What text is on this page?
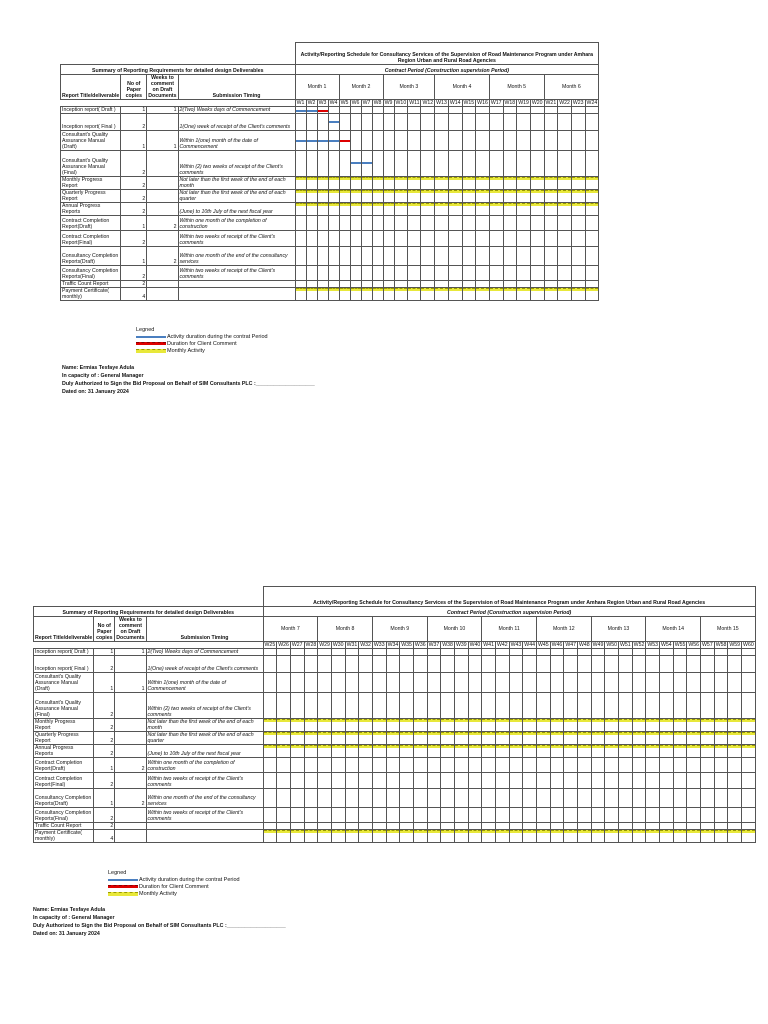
				Activity/Reporting Schedule for Consultancy Services of the Supervision of Road Maintenance Program under Amhara Region Urban and Rural Road Agencies																							
Summary of Reporting Requirements for detailed design Deliverables				Contract Period (Construction supervision Period)																							
Report Title/deliverable	No of Paper copies	Weeks to comment on Draft Documents	Submission Timing	Month 1				Month 2				Month 3				Month 4				Month 5				Month 6			
				W1	W2	W3	W4	W5	W6	W7	W8	W9	W10	W11	W12	W13	W14	W15	W16	W17	W18	W19	W20	W21	W22	W23	W24
Inception report( Draft )	1	1	2(Two) Weeks days of Commencement	

Inception report( Final )	2		1(One) week of receipt of the Client's comments				

Consultant's Quality Assurance Manual (Draft)	1	1	Within 1(one) month of the date of Commencement	

Consultant's Quality Assurance Manual (Final)	2		Within (2) two weeks of receipt of the Client's comments						

Monthly Progress Report	2		Not later than the first week of the end of each month	

Quarterly Progress Report	2		Not later than the first week of the end of each quarter	

Annual Progress Reports	2		(June) to 10th July of the next fiscal year	

Contract Completion Report(Draft)	1	2	Within one month of the completion of construction																								
Contract Completion Report(Final)	2		Within two weeks of receipt of the Client's comments																								
Consultancy Completion Reports(Draft)	1	2	Within one month of the end of the consultancy services																								
Consultancy Completion Reports(Final)	2		Within two weeks of receipt of the Client's comments																								
Traffic Count Report	2																										
Payment Certificate( monthly)	4			

Legned
Activity duration during the contrat Period
Duration for Client Comment
Monthly Activity
Name: Ermias Tesfaye Adula
In capacity of : General Manager
Duly Authorized to Sign the Bid Proposal on Behalf of SIM Consultants PLC :____________________
Dated on: 31 January 2024
				Activity/Reporting Schedule for Consultancy Services of the Supervision of Road Maintenance Program under Amhara Region Urban and Rural Road Agencies																																			
Summary of Reporting Requirements for detailed design Deliverables				Contract Period (Construction supervision Period)																																			
Report Title/deliverable	No of Paper copies	Weeks to comment on Draft Documents	Submission Timing	Month 7				Month 8				Month 9				Month 10				Month 11				Month 12				Month 13				Month 14				Month 15			
				W25	W26	W27	W28	W29	W30	W31	W32	W33	W34	W35	W36	W37	W38	W39	W40	W41	W42	W43	W44	W45	W46	W47	W48	W49	W50	W51	W52	W53	W54	W55	W56	W57	W58	W59	W60
Inception report( Draft )	1	1	2(Two) Weeks days of Commencement																																				
Inception report( Final )	2		1(One) week of receipt of the Client's comments																																				
Consultant's Quality Assurance Manual (Draft)	1	1	Within 1(one) month of the date of Commencement																																				
Consultant's Quality Assurance Manual (Final)	2		Within (2) two weeks of receipt of the Client's comments																																				
Monthly Progress Report	2		Not later than the first week of the end of each month	

Quarterly Progress Report	2		Not later than the first week of the end of each quarter	

Annual Progress Reports	2		(June) to 10th July of the next fiscal year	

Contract Completion Report(Draft)	1	2	Within one month of the completion of construction																																				
Contract Completion Report(Final)	2		Within two weeks of receipt of the Client's comments																																				
Consultancy Completion Reports(Draft)	1	2	Within one month of the end of the consultancy services																																				
Consultancy Completion Reports(Final)	2		Within two weeks of receipt of the Client's comments																																				
Traffic Count Report	2																																						
Payment Certificate( monthly)	4			

Legned
Activity duration during the contrat Period
Duration for Client Comment
Monthly Activity
Name: Ermias Tesfaye Adula
In capacity of : General Manager
Duly Authorized to Sign the Bid Proposal on Behalf of SIM Consultants PLC :____________________
Dated on: 31 January 2024
